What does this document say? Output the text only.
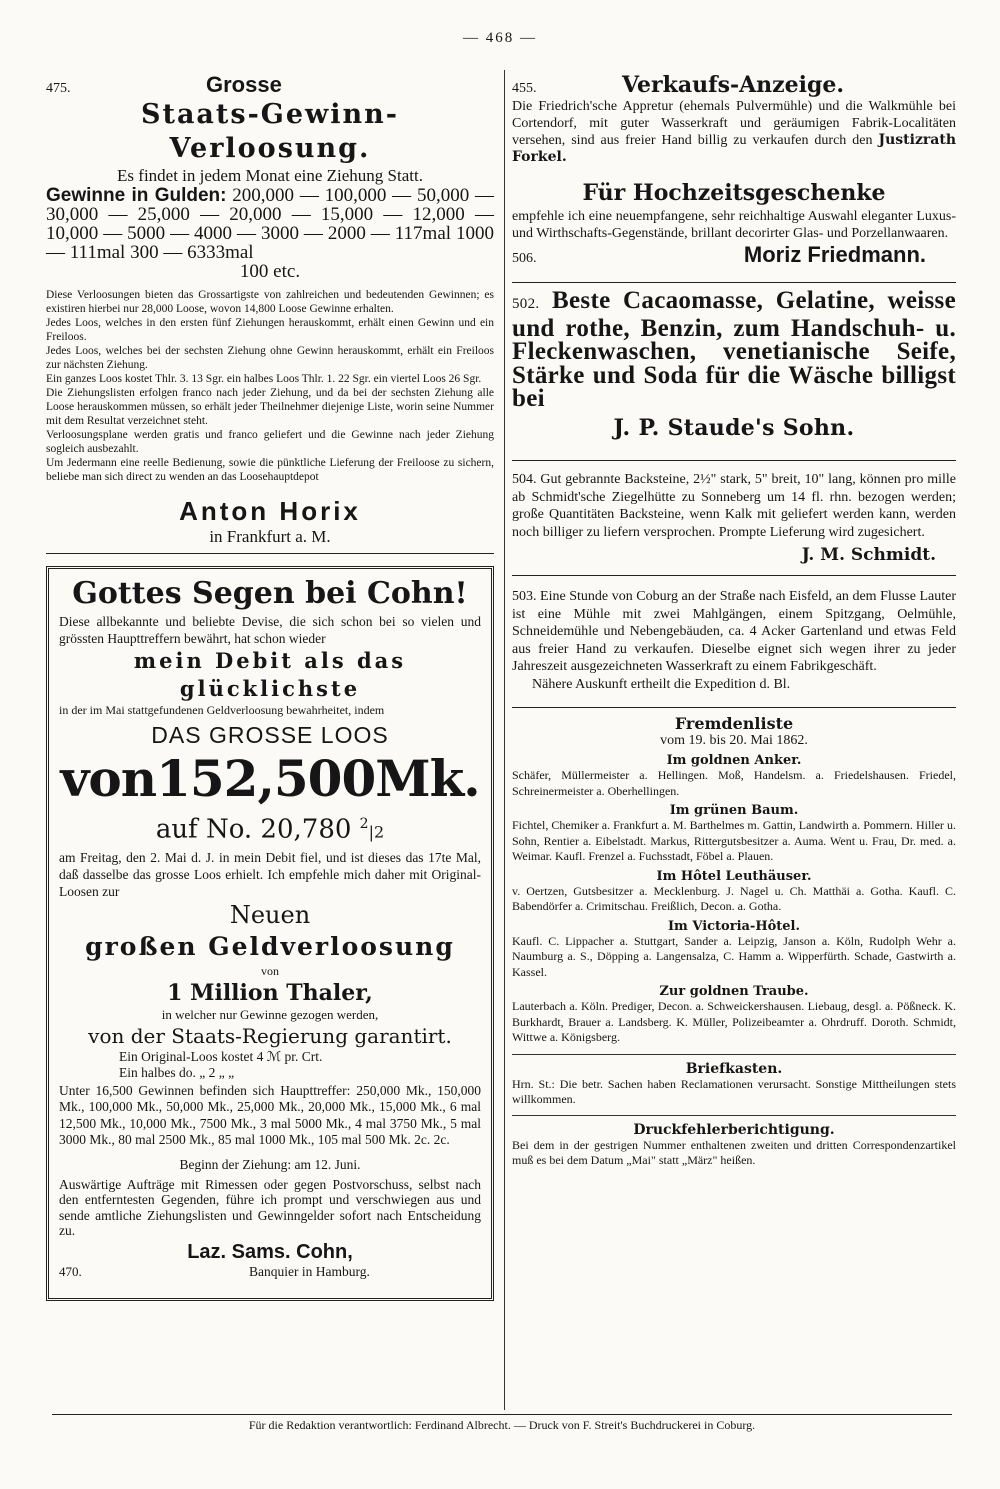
— 468 —
475.	Grosse
Staats-Gewinn-Verloosung.
Es findet in jedem Monat eine Ziehung Statt.
Gewinne in Gulden: 200,000 — 100,000 — 50,000 — 30,000 — 25,000 — 20,000 — 15,000 — 12,000 — 10,000 — 5000 — 4000 — 3000 — 2000 — 117mal 1000 — 111mal 300 — 6333mal
100 etc.

Diese Verloosungen bieten das Grossartigste von zahlreichen und bedeutenden Gewinnen; es existiren hierbei nur 28,000 Loose, wovon 14,800 Loose Gewinne erhalten.

Jedes Loos, welches in den ersten fünf Ziehungen herauskommt, erhält einen Gewinn und ein Freiloos.

Jedes Loos, welches bei der sechsten Ziehung ohne Gewinn herauskommt, erhält ein Freiloos zur nächsten Ziehung.

Ein ganzes Loos kostet Thlr. 3. 13 Sgr. ein halbes Loos Thlr. 1. 22 Sgr. ein viertel Loos 26 Sgr.

Die Ziehungslisten erfolgen franco nach jeder Ziehung, und da bei der sechsten Ziehung alle Loose herauskommen müssen, so erhält jeder Theilnehmer diejenige Liste, worin seine Nummer mit dem Resultat verzeichnet steht.

Verloosungsplane werden gratis und franco geliefert und die Gewinne nach jeder Ziehung sogleich ausbezahlt.

Um Jedermann eine reelle Bedienung, sowie die pünktliche Lieferung der Freiloose zu sichern, beliebe man sich direct zu wenden an das Loosehauptdepot

Anton Horix
in Frankfurt a. M.
Gottes Segen bei Cohn!

Diese allbekannte und beliebte Devise, die sich schon bei so vielen und grössten Haupttreffern bewährt, hat schon wieder

mein Debit als das glücklichste

in der im Mai stattgefundenen Geldverloosung bewahrheitet, indem

DAS GROSSE LOOS
von152,500Mk.
auf No. 20,780 $^2$|2

am Freitag, den 2. Mai d. J. in mein Debit fiel, und ist dieses das 17te Mal, daß dasselbe das grosse Loos erhielt. Ich empfehle mich daher mit Original-Loosen zur

Neuen
großen Geldverloosung
von
1 Million Thaler,
in welcher nur Gewinne gezogen werden,
von der Staats-Regierung garantirt.
Ein Original-Loos kostet 4 ℳ pr. Crt.
Ein halbes do. „ 2 „ „

Unter 16,500 Gewinnen befinden sich Haupttreffer: 250,000 Mk., 150,000 Mk., 100,000 Mk., 50,000 Mk., 25,000 Mk., 20,000 Mk., 15,000 Mk., 6 mal 12,500 Mk., 10,000 Mk., 7500 Mk., 3 mal 5000 Mk., 4 mal 3750 Mk., 5 mal 3000 Mk., 80 mal 2500 Mk., 85 mal 1000 Mk., 105 mal 500 Mk. 2c. 2c.

Beginn der Ziehung: am 12. Juni.

Auswärtige Aufträge mit Rimessen oder gegen Postvorschuss, selbst nach den entferntesten Gegenden, führe ich prompt und verschwiegen aus und sende amtliche Ziehungslisten und Gewinngelder sofort nach Entscheidung zu.

Laz. Sams. Cohn,
470.	Banquier in Hamburg.
455.	Verkaufs-Anzeige.

Die Friedrich'sche Appretur (ehemals Pulvermühle) und die Walkmühle bei Cortendorf, mit guter Wasserkraft und geräumigen Fabrik-Localitäten versehen, sind aus freier Hand billig zu verkaufen durch den Justizrath Forkel.

Für Hochzeitsgeschenke

empfehle ich eine neuempfangene, sehr reichhaltige Auswahl eleganter Luxus- und Wirthschafts-Gegenstände, brillant decorirter Glas- und Porzellanwaaren.

506.	Moriz Friedmann.
502. Beste Cacaomasse, Gelatine, weisse und rothe, Benzin, zum Handschuh- u. Fleckenwaschen, venetianische Seife, Stärke und Soda für die Wäsche billigst bei
J. P. Staude's Sohn.

504. Gut gebrannte Backsteine, 2½" stark, 5" breit, 10" lang, können pro mille ab Schmidt'sche Ziegelhütte zu Sonneberg um 14 fl. rhn. bezogen werden; große Quantitäten Backsteine, wenn Kalk mit geliefert werden kann, werden noch billiger zu liefern versprochen. Prompte Lieferung wird zugesichert.

J. M. Schmidt.

503. Eine Stunde von Coburg an der Straße nach Eisfeld, an dem Flusse Lauter ist eine Mühle mit zwei Mahlgängen, einem Spitzgang, Oelmühle, Schneidemühle und Nebengebäuden, ca. 4 Acker Gartenland und etwas Feld aus freier Hand zu verkaufen. Dieselbe eignet sich wegen ihrer zu jeder Jahreszeit ausgezeichneten Wasserkraft zu einem Fabrikgeschäft.

Nähere Auskunft ertheilt die Expedition d. Bl.

Fremdenliste
vom 19. bis 20. Mai 1862.
Im goldnen Anker.

Schäfer, Müllermeister a. Hellingen. Moß, Handelsm. a. Friedelshausen. Friedel, Schreinermeister a. Oberhellingen.

Im grünen Baum.

Fichtel, Chemiker a. Frankfurt a. M. Barthelmes m. Gattin, Landwirth a. Pommern. Hiller u. Sohn, Rentier a. Eibelstadt. Markus, Rittergutsbesitzer a. Auma. Went u. Frau, Dr. med. a. Weimar. Kaufl. Frenzel a. Fuchsstadt, Föbel a. Plauen.

Im Hôtel Leuthäuser.

v. Oertzen, Gutsbesitzer a. Mecklenburg. J. Nagel u. Ch. Matthäi a. Gotha. Kaufl. C. Babendörfer a. Crimitschau. Freißlich, Decon. a. Gotha.

Im Victoria-Hôtel.

Kaufl. C. Lippacher a. Stuttgart, Sander a. Leipzig, Janson a. Köln, Rudolph Wehr a. Naumburg a. S., Döpping a. Langensalza, C. Hamm a. Wipperfürth. Schade, Gastwirth a. Kassel.

Zur goldnen Traube.

Lauterbach a. Köln. Prediger, Decon. a. Schweickershausen. Liebaug, desgl. a. Pößneck. K. Burkhardt, Brauer a. Landsberg. K. Müller, Polizeibeamter a. Ohrdruff. Doroth. Schmidt, Wittwe a. Königsberg.

Briefkasten.

Hrn. St.: Die betr. Sachen haben Reclamationen verursacht. Sonstige Mittheilungen stets willkommen.

Druckfehlerberichtigung.

Bei dem in der gestrigen Nummer enthaltenen zweiten und dritten Correspondenzartikel muß es bei dem Datum „Mai" statt „März" heißen.

Für die Redaktion verantwortlich: Ferdinand Albrecht. — Druck von F. Streit's Buchdruckerei in Coburg.
